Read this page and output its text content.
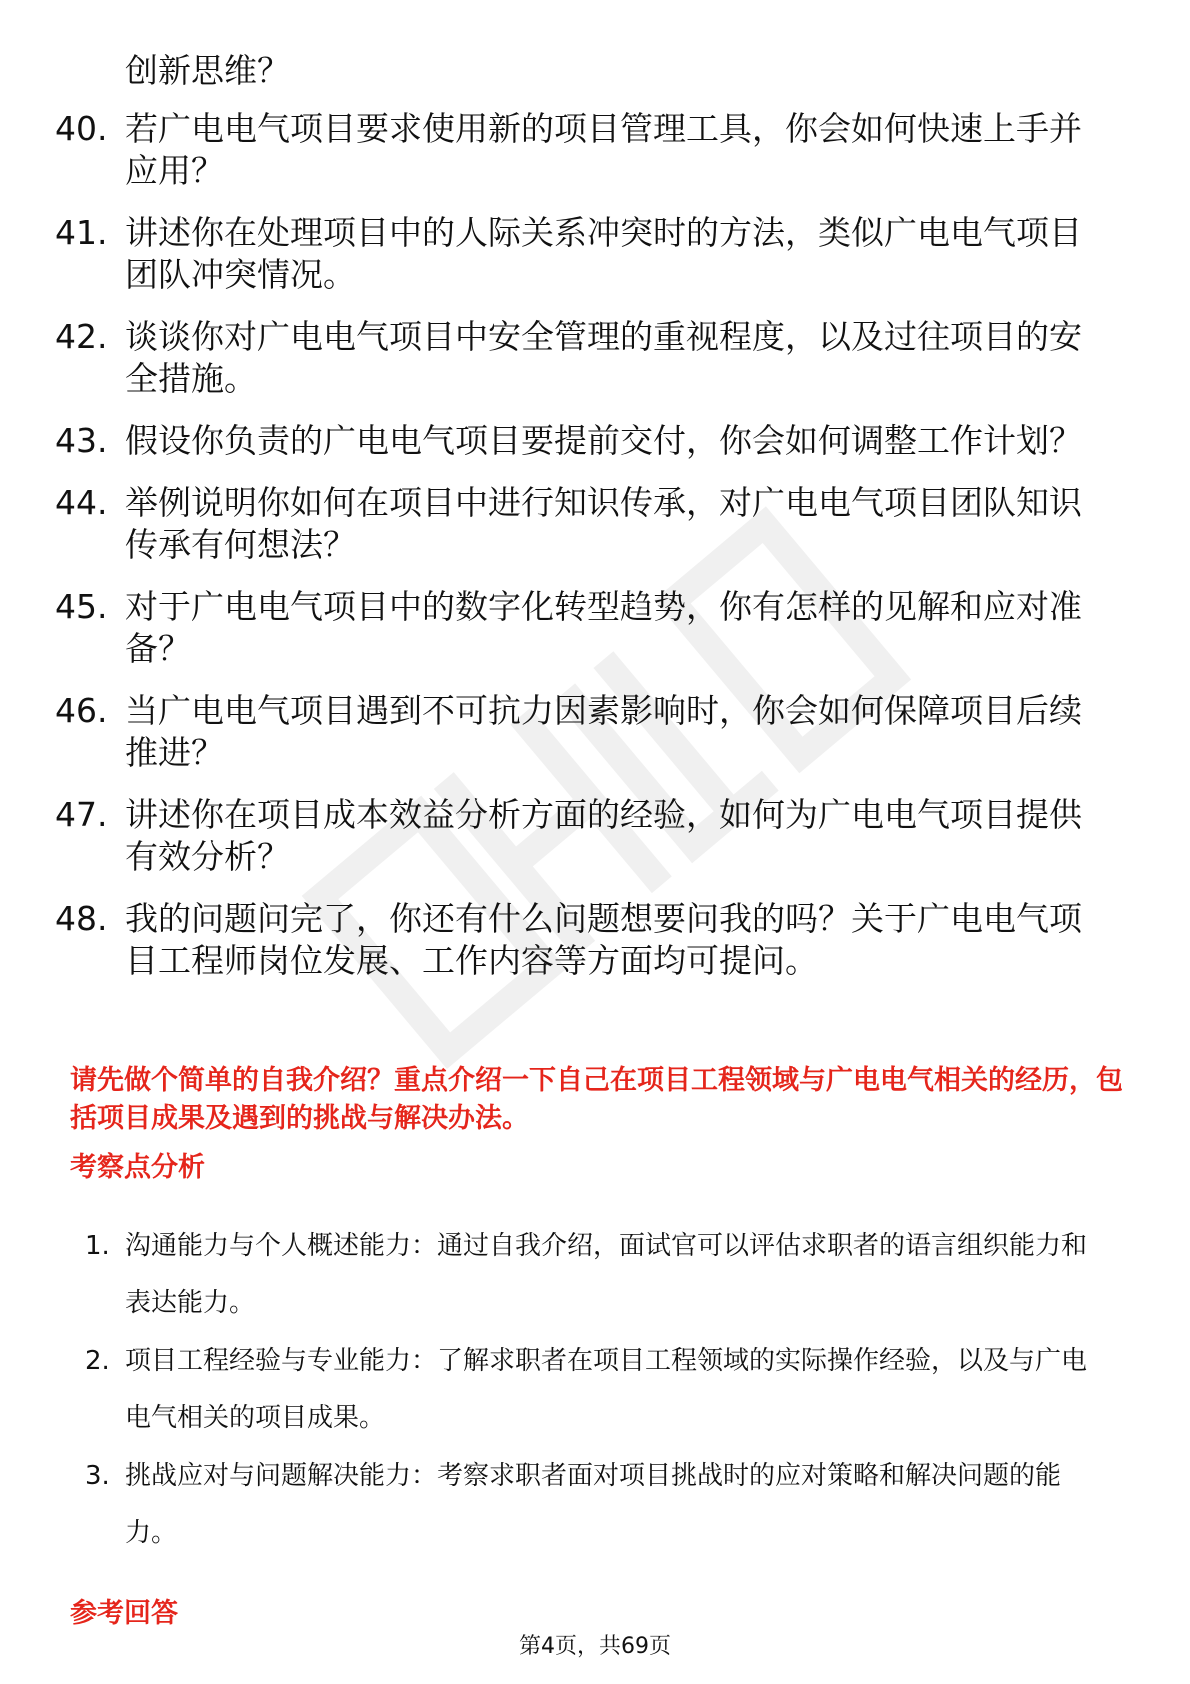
创新思维？

40. 若广电电气项目要求使用新的项目管理工具，你会如何快速上手并应用？
41. 讲述你在处理项目中的人际关系冲突时的方法，类似广电电气项目团队冲突情况。
42. 谈谈你对广电电气项目中安全管理的重视程度，以及过往项目的安全措施。
43. 假设你负责的广电电气项目要提前交付，你会如何调整工作计划？
44. 举例说明你如何在项目中进行知识传承，对广电电气项目团队知识传承有何想法？
45. 对于广电电气项目中的数字化转型趋势，你有怎样的见解和应对准备？
46. 当广电电气项目遇到不可抗力因素影响时，你会如何保障项目后续推进？
47. 讲述你在项目成本效益分析方面的经验，如何为广电电气项目提供有效分析？
48. 我的问题问完了，你还有什么问题想要问我的吗？关于广电电气项目工程师岗位发展、工作内容等方面均可提问。

请先做个简单的自我介绍？重点介绍一下自己在项目工程领域与广电电气相关的经历，包括项目成果及遇到的挑战与解决办法。

考察点分析
1. 沟通能力与个人概述能力：通过自我介绍，面试官可以评估求职者的语言组织能力和表达能力。
2. 项目工程经验与专业能力：了解求职者在项目工程领域的实际操作经验，以及与广电电气相关的项目成果。
3. 挑战应对与问题解决能力：考察求职者面对项目挑战时的应对策略和解决问题的能力。
参考回答
第4页，共69页
